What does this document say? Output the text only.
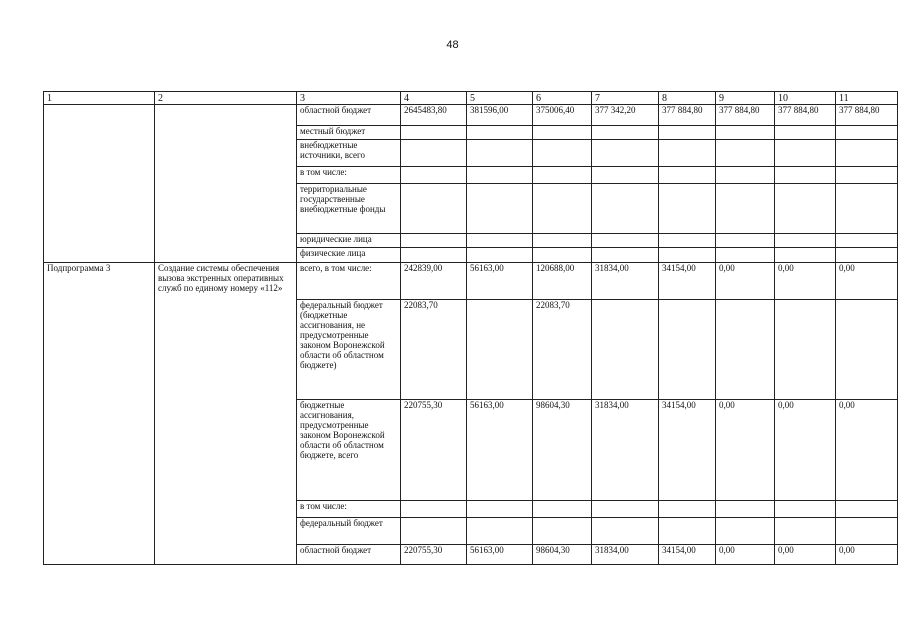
48
1	2	3	4	5	6	7	8	9	10	11
		областной бюджет	2645483,80	381596,00	375006,40	377 342,20	377 884,80	377 884,80	377 884,80	377 884,80
		местный бюджет								
		внебюджетные источники, всего								
		в том числе:								
		территориальные государственные внебюджетные фонды								
		юридические лица								
		физические лица								
Подпрограмма 3	Создание системы обеспечения вызова экстренных оперативных служб по единому номеру «112»	всего, в том числе:	242839,00	56163,00	120688,00	31834,00	34154,00	0,00	0,00	0,00
		федеральный бюджет (бюджетные ассигнования, не предусмотренные законом Воронежской области об областном бюджете)	22083,70		22083,70					
		бюджетные ассигнования, предусмотренные законом Воронежской области об областном бюджете, всего	220755,30	56163,00	98604,30	31834,00	34154,00	0,00	0,00	0,00
		в том числе:								
		федеральный бюджет								
		областной бюджет	220755,30	56163,00	98604,30	31834,00	34154,00	0,00	0,00	0,00
